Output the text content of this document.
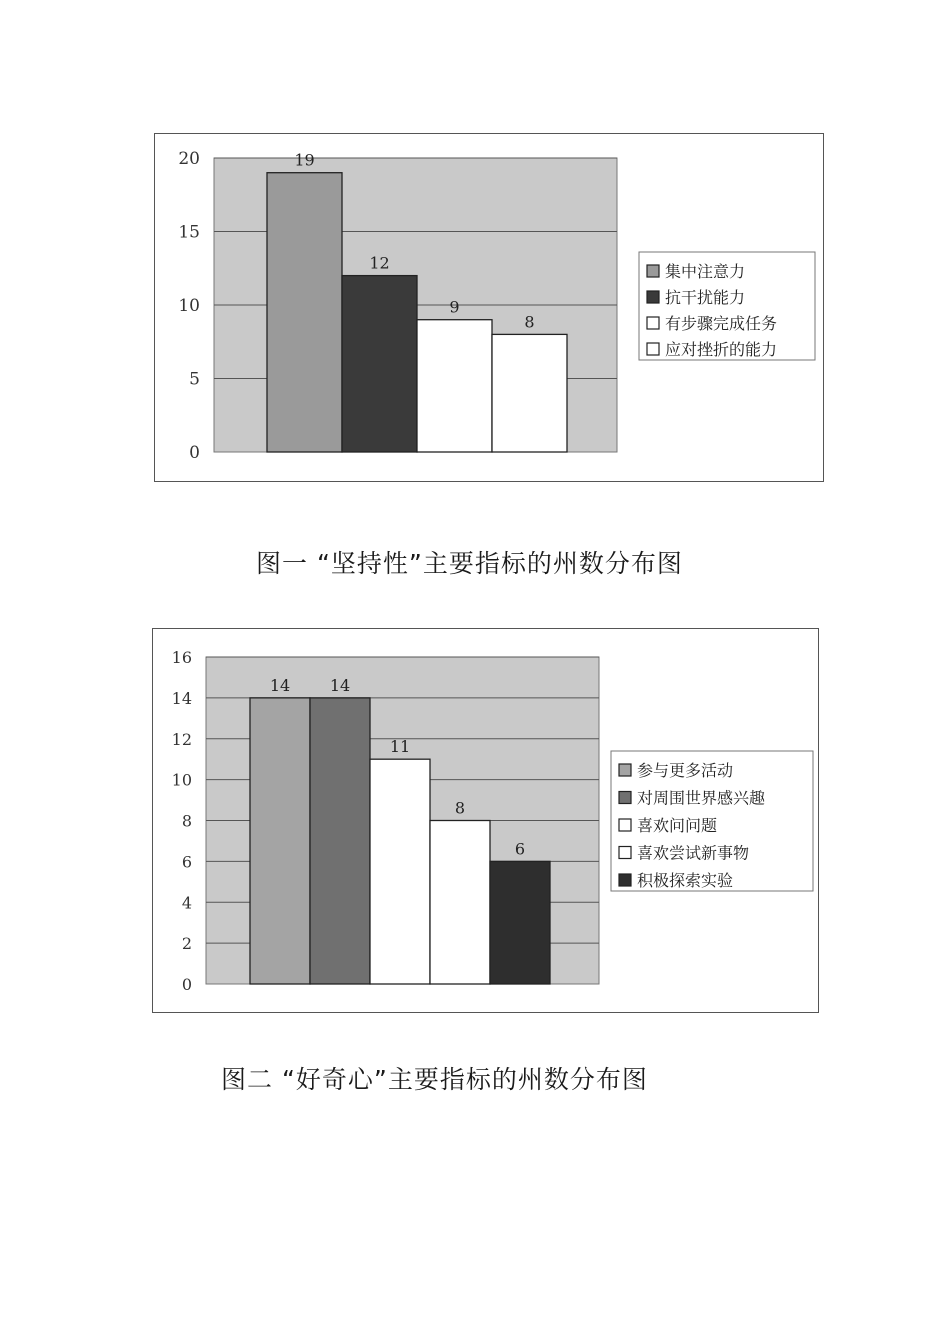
0
5
10
15
20	19
12
9
8
集中注意力
抗干扰能力
有步骤完成任务
应对挫折的能力
图一 “坚持性”主要指标的州数分布图
0
2
4
6
8
10
12
14
16
14 14
11
8
6
参与更多活动
对周围世界感兴趣
喜欢问问题
喜欢尝试新事物
积极探索实验
图二 “好奇心”主要指标的州数分布图
